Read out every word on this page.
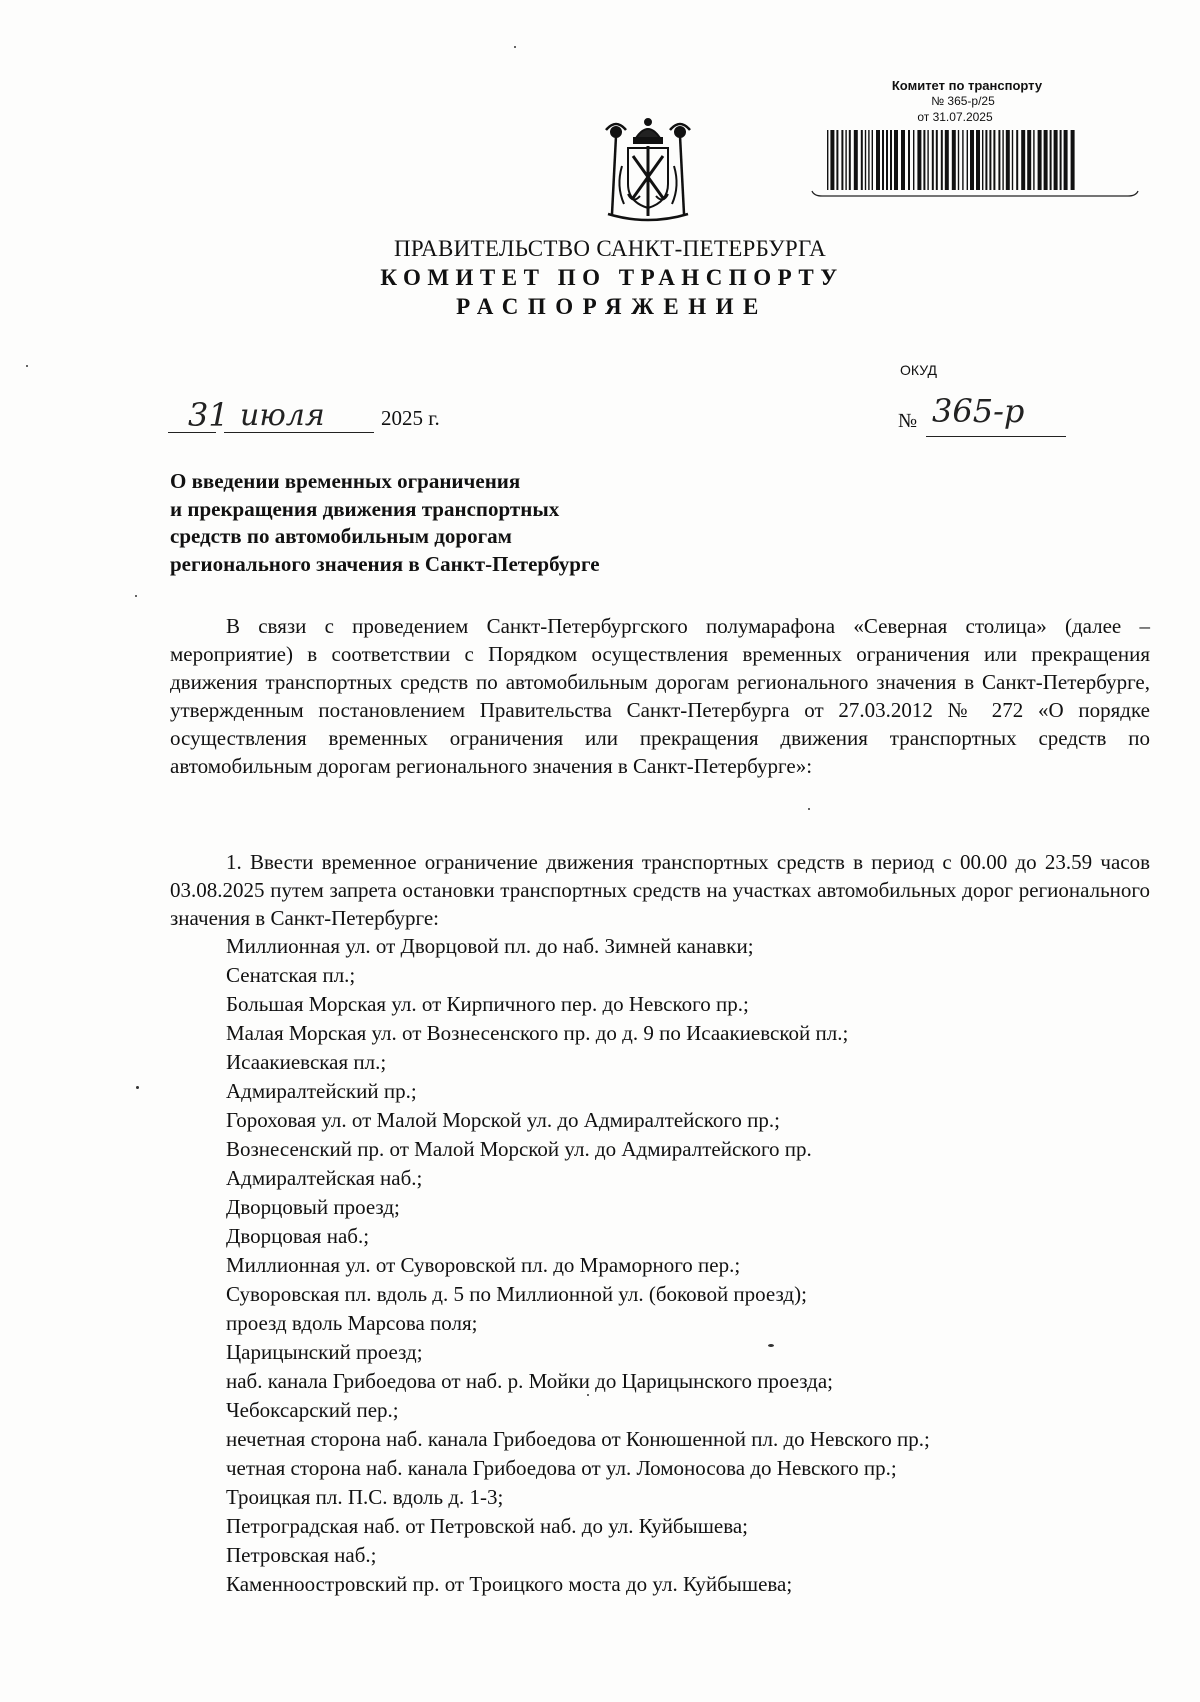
Комитет по транспорту
№ 365-р/25
от 31.07.2025
ПРАВИТЕЛЬСТВО САНКТ-ПЕТЕРБУРГА
КОМИТЕТ ПО ТРАНСПОРТУ
РАСПОРЯЖЕНИЕ
ОКУД
31 июля	2025 г.	№ 365-р
О введении временных ограничения
и прекращения движения транспортных
средств по автомобильным дорогам
регионального значения в Санкт-Петербурге
В связи с проведением Санкт-Петербургского полумарафона «Северная столица» (далее – мероприятие) в соответствии с Порядком осуществления временных ограничения или прекращения движения транспортных средств по автомобильным дорогам регионального значения в Санкт-Петербурге, утвержденным постановлением Правительства Санкт-Петербурга от 27.03.2012 № 272 «О порядке осуществления временных ограничения или прекращения движения транспортных средств по автомобильным дорогам регионального значения в Санкт-Петербурге»:
1. Ввести временное ограничение движения транспортных средств в период с 00.00 до 23.59 часов 03.08.2025 путем запрета остановки транспортных средств на участках автомобильных дорог регионального значения в Санкт-Петербурге:
Миллионная ул. от Дворцовой пл. до наб. Зимней канавки;
Сенатская пл.;
Большая Морская ул. от Кирпичного пер. до Невского пр.;
Малая Морская ул. от Вознесенского пр. до д. 9 по Исаакиевской пл.;
Исаакиевская пл.;
Адмиралтейский пр.;
Гороховая ул. от Малой Морской ул. до Адмиралтейского пр.;
Вознесенский пр. от Малой Морской ул. до Адмиралтейского пр.
Адмиралтейская наб.;
Дворцовый проезд;
Дворцовая наб.;
Миллионная ул. от Суворовской пл. до Мраморного пер.;
Суворовская пл. вдоль д. 5 по Миллионной ул. (боковой проезд);
проезд вдоль Марсова поля;
Царицынский проезд;
наб. канала Грибоедова от наб. р. Мойки до Царицынского проезда;
Чебоксарский пер.;
нечетная сторона наб. канала Грибоедова от Конюшенной пл. до Невского пр.;
четная сторона наб. канала Грибоедова от ул. Ломоносова до Невского пр.;
Троицкая пл. П.С. вдоль д. 1-3;
Петроградская наб. от Петровской наб. до ул. Куйбышева;
Петровская наб.;
Каменноостровский пр. от Троицкого моста до ул. Куйбышева;
